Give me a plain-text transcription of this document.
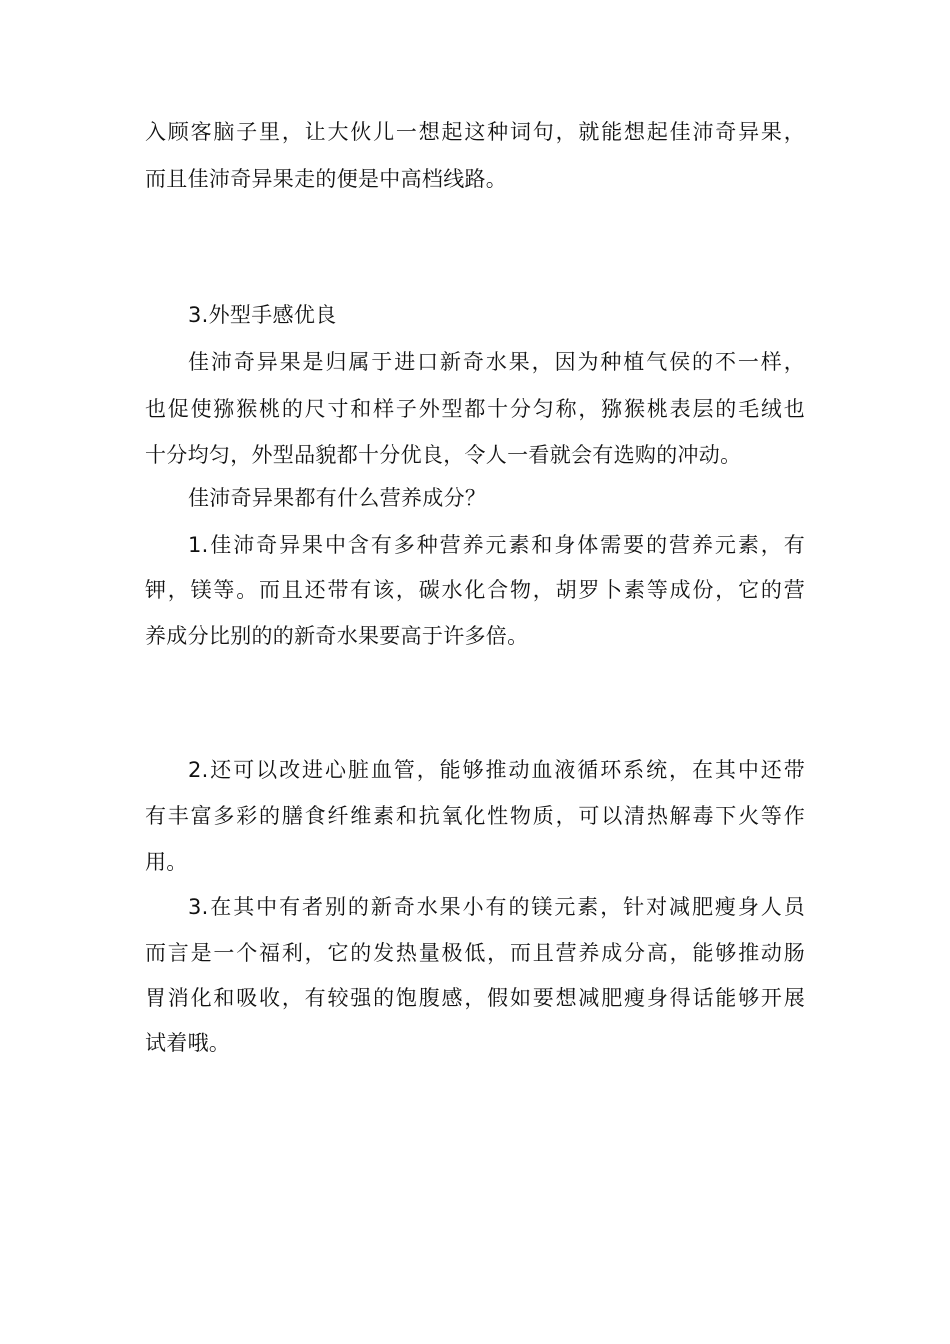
入顾客脑子里，让大伙儿一想起这种词句，就能想起佳沛奇异果，
而且佳沛奇异果走的便是中高档线路。
3.外型手感优良
佳沛奇异果是归属于进口新奇水果，因为种植气侯的不一样，
也促使猕猴桃的尺寸和样子外型都十分匀称，猕猴桃表层的毛绒也
十分均匀，外型品貌都十分优良，令人一看就会有选购的冲动。
佳沛奇异果都有什么营养成分？
1.佳沛奇异果中含有多种营养元素和身体需要的营养元素，有
钾，镁等。而且还带有该，碳水化合物，胡罗卜素等成份，它的营
养成分比别的的新奇水果要高于许多倍。
2.还可以改进心脏血管，能够推动血液循环系统，在其中还带
有丰富多彩的膳食纤维素和抗氧化性物质，可以清热解毒下火等作
用。
3.在其中有者别的新奇水果小有的镁元素，针对减肥瘦身人员
而言是一个福利，它的发热量极低，而且营养成分高，能够推动肠
胃消化和吸收，有较强的饱腹感，假如要想减肥瘦身得话能够开展
试着哦。
